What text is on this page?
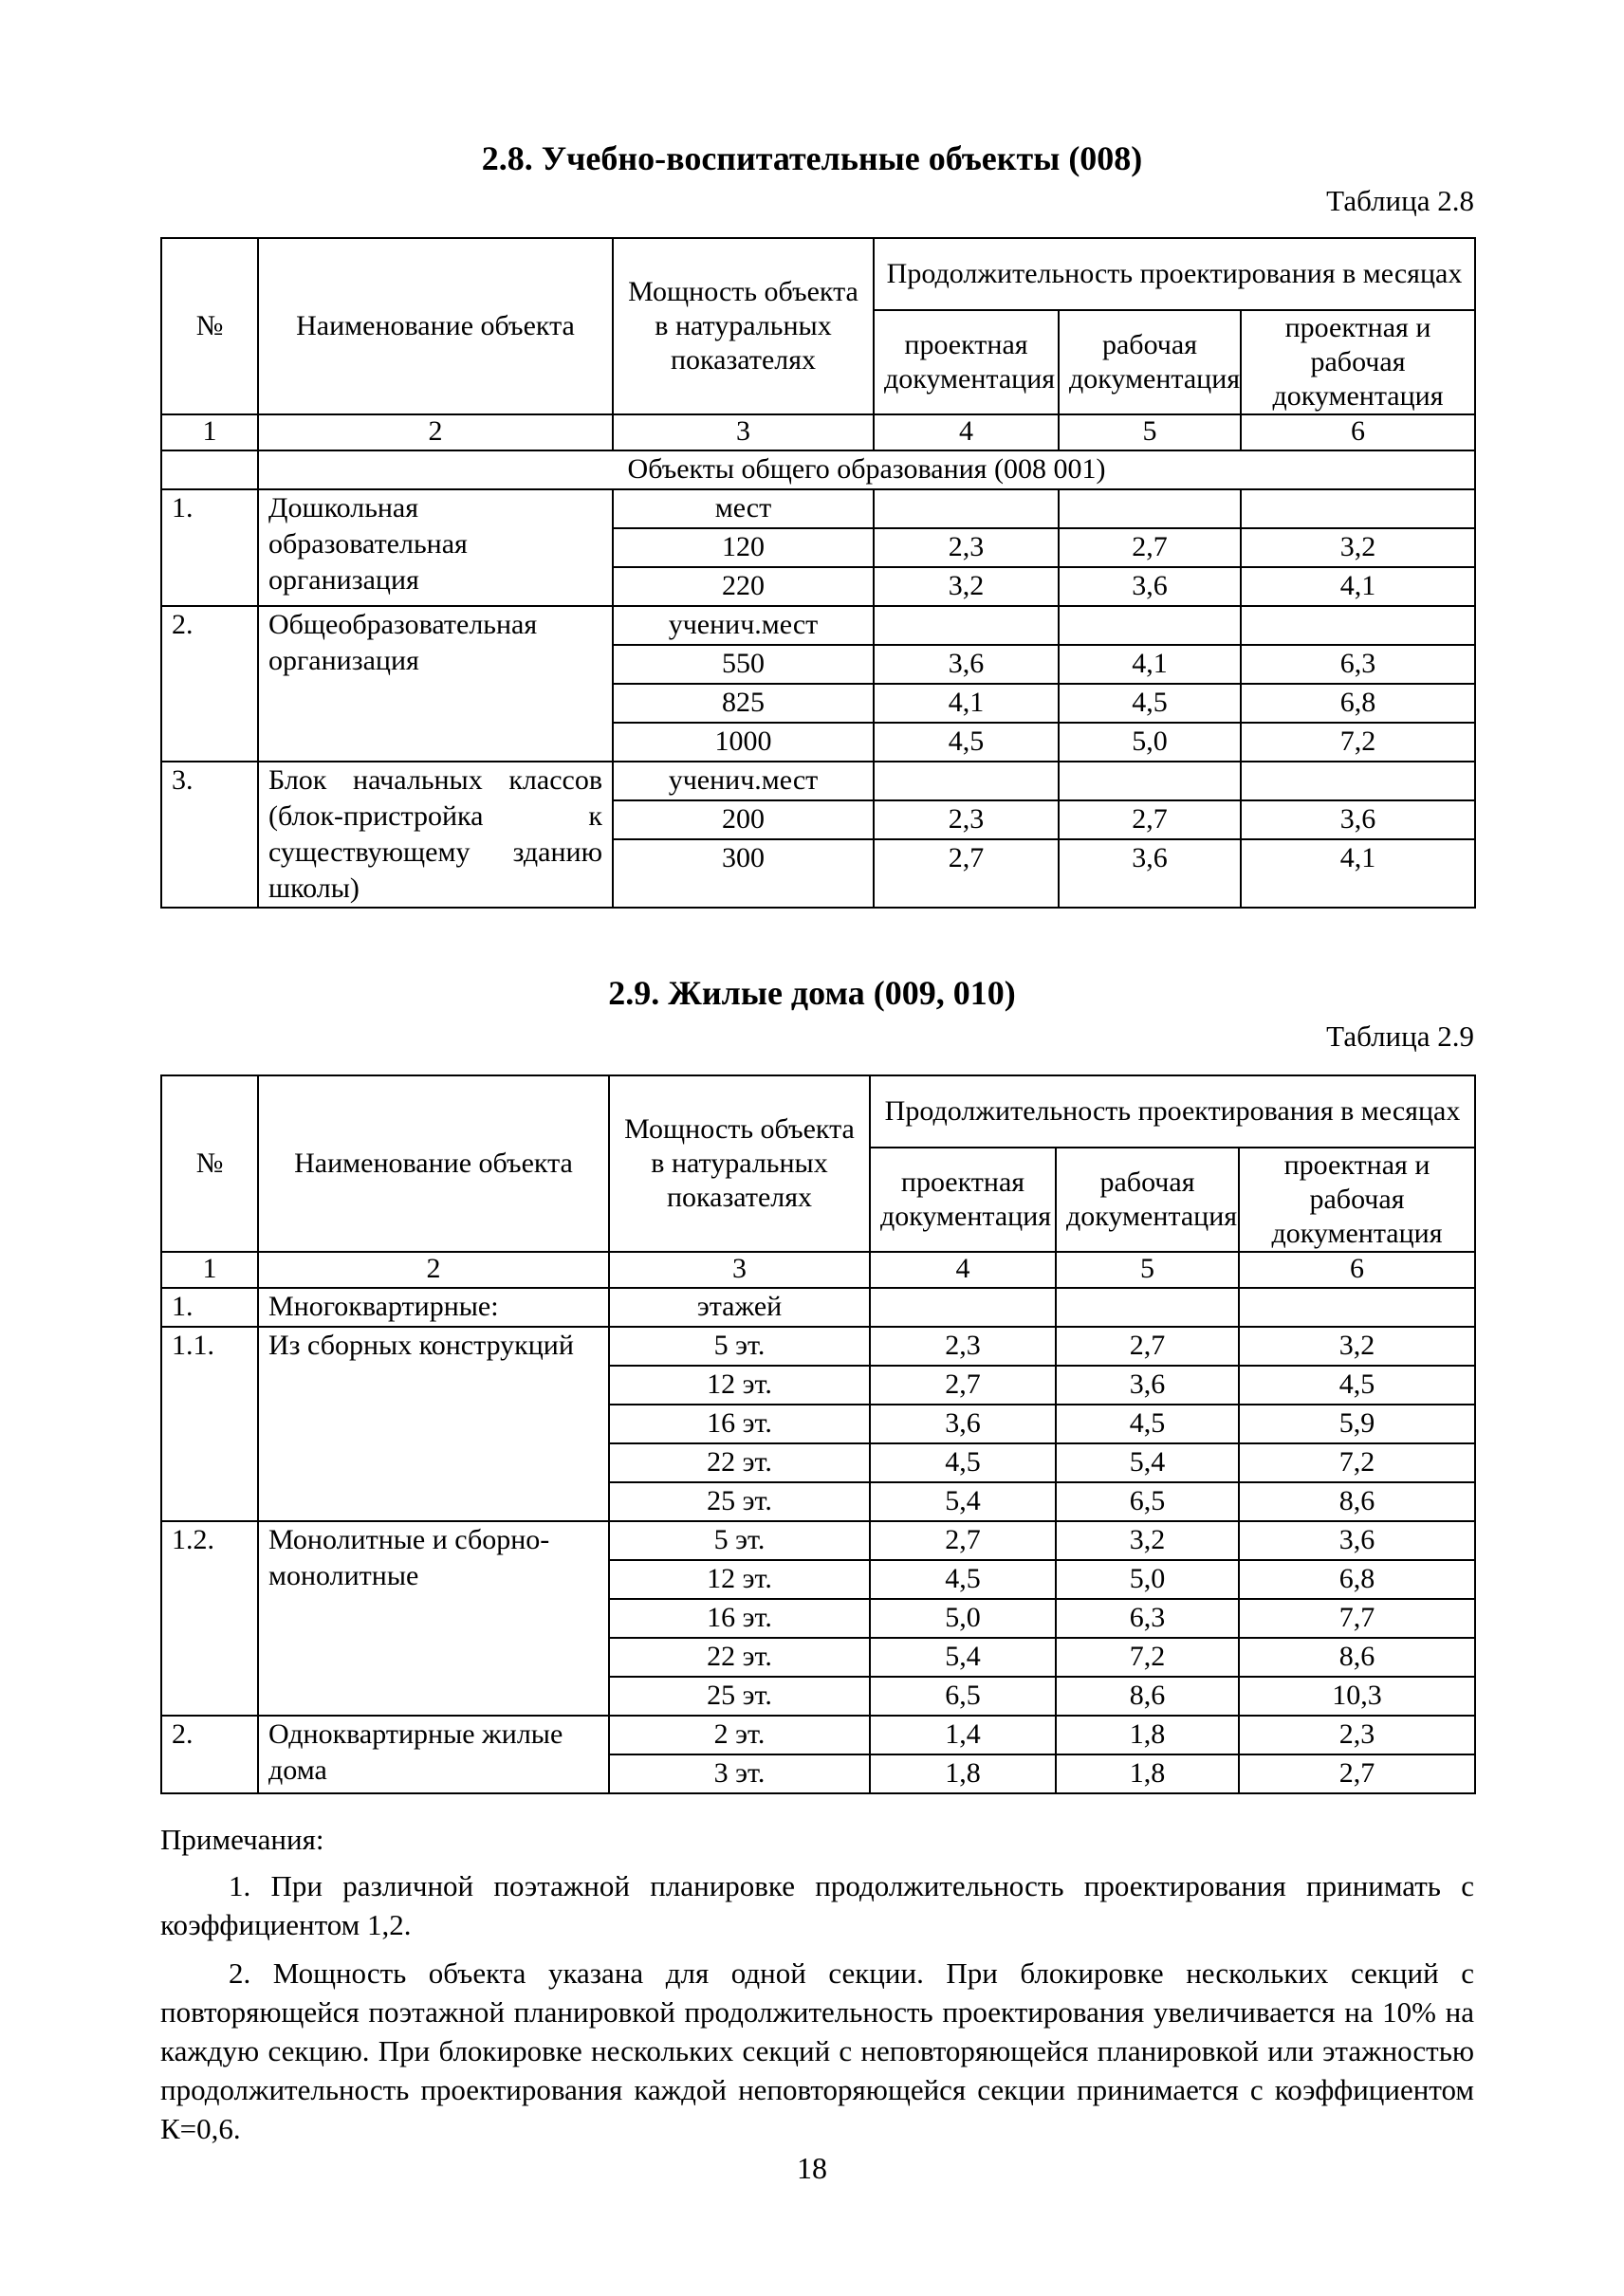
2.8. Учебно-воспитательные объекты (008)
Таблица 2.8
№	Наименование объекта	Мощность объекта в натуральных показателях	Продолжительность проектирования в месяцах		
			проектная документация	рабочая документация	проектная и рабочая документация
1	2	3	4	5	6
	Объекты общего образования (008 001)				
1.	Дошкольная образовательная организация	мест			
		120	2,3	2,7	3,2
		220	3,2	3,6	4,1
2.	Общеобразовательная организация	ученич.мест			
		550	3,6	4,1	6,3
		825	4,1	4,5	6,8
		1000	4,5	5,0	7,2
3.	Блок начальных классов (блок-пристройка к существующему зданию школы)	ученич.мест			
		200	2,3	2,7	3,6
		300	2,7	3,6	4,1

2.9. Жилые дома (009, 010)
Таблица 2.9
№	Наименование объекта	Мощность объекта в натуральных показателях	Продолжительность проектирования в месяцах		
			проектная документация	рабочая документация	проектная и рабочая документация
1	2	3	4	5	6
1.	Многоквартирные:	этажей			
1.1.	Из сборных конструкций	5 эт.	2,3	2,7	3,2
		12 эт.	2,7	3,6	4,5
		16 эт.	3,6	4,5	5,9
		22 эт.	4,5	5,4	7,2
		25 эт.	5,4	6,5	8,6
1.2.	Монолитные и сборно-монолитные	5 эт.	2,7	3,2	3,6
		12 эт.	4,5	5,0	6,8
		16 эт.	5,0	6,3	7,7
		22 эт.	5,4	7,2	8,6
		25 эт.	6,5	8,6	10,3
2.	Одноквартирные жилые дома	2 эт.	1,4	1,8	2,3
		3 эт.	1,8	1,8	2,7

Примечания:

1. При различной поэтажной планировке продолжительность проектирования принимать с коэффициентом 1,2.

2. Мощность объекта указана для одной секции. При блокировке нескольких секций с повторяющейся поэтажной планировкой продолжительность проектирования увеличивается на 10% на каждую секцию. При блокировке нескольких секций с неповторяющейся планировкой или этажностью продолжительность проектирования каждой неповторяющейся секции принимается с коэффициентом К=0,6.

18
